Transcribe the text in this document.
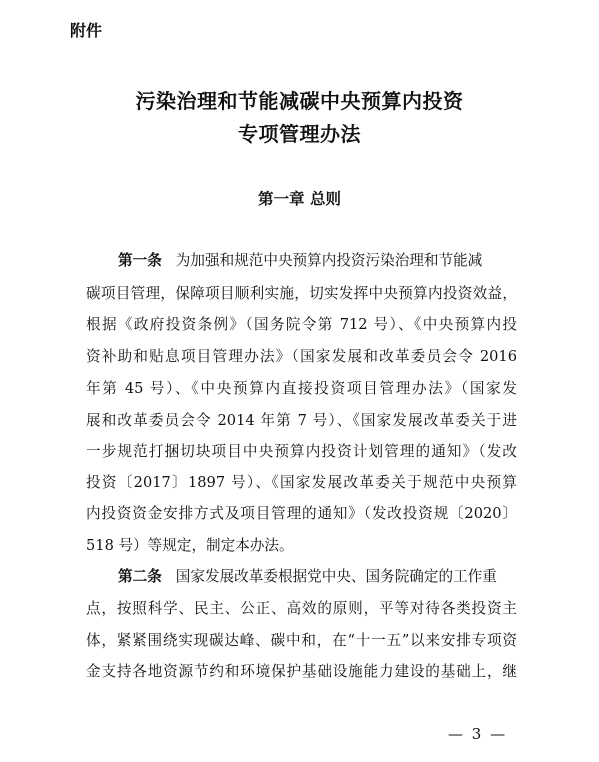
附件
污染治理和节能减碳中央预算内投资
专项管理办法
第一章 总则
第一条 为加强和规范中央预算内投资污染治理和节能减
碳项目管理，保障项目顺利实施，切实发挥中央预算内投资效益，
根据《政府投资条例》（国务院令第 712 号）、《中央预算内投
资补助和贴息项目管理办法》（国家发展和改革委员会令 2016
年第 45 号）、《中央预算内直接投资项目管理办法》（国家发
展和改革委员会令 2014 年第 7 号）、《国家发展改革委关于进
一步规范打捆切块项目中央预算内投资计划管理的通知》（发改
投资〔2017〕1897 号）、《国家发展改革委关于规范中央预算
内投资资金安排方式及项目管理的通知》（发改投资规〔2020〕
518 号）等规定，制定本办法。
第二条 国家发展改革委根据党中央、国务院确定的工作重
点，按照科学、民主、公正、高效的原则，平等对待各类投资主
体，紧紧围绕实现碳达峰、碳中和，在“十一五”以来安排专项资
金支持各地资源节约和环境保护基础设施能力建设的基础上，继
— 3 —
